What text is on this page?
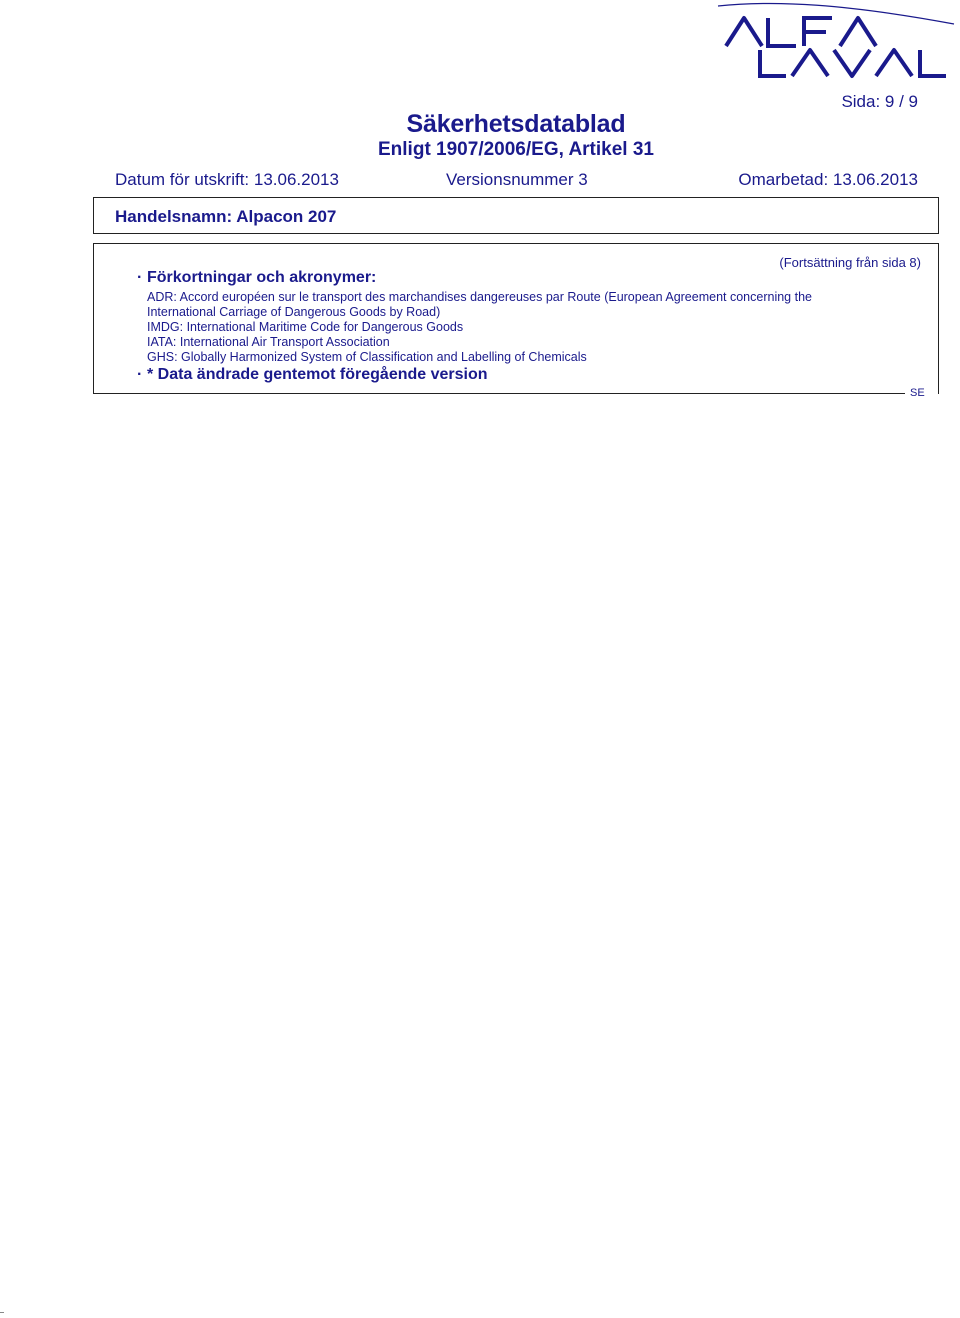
Sida: 9 / 9
Säkerhetsdatablad
Enligt 1907/2006/EG, Artikel 31
Datum för utskrift: 13.06.2013	Versionsnummer 3	Omarbetad: 13.06.2013
Handelsnamn: Alpacon 207
SE
(Fortsättning från sida 8)
· Förkortningar och akronymer:
ADR: Accord européen sur le transport des marchandises dangereuses par Route (European Agreement concerning the
International Carriage of Dangerous Goods by Road)
IMDG: International Maritime Code for Dangerous Goods
IATA: International Air Transport Association
GHS: Globally Harmonized System of Classification and Labelling of Chemicals
· * Data ändrade gentemot föregående version
